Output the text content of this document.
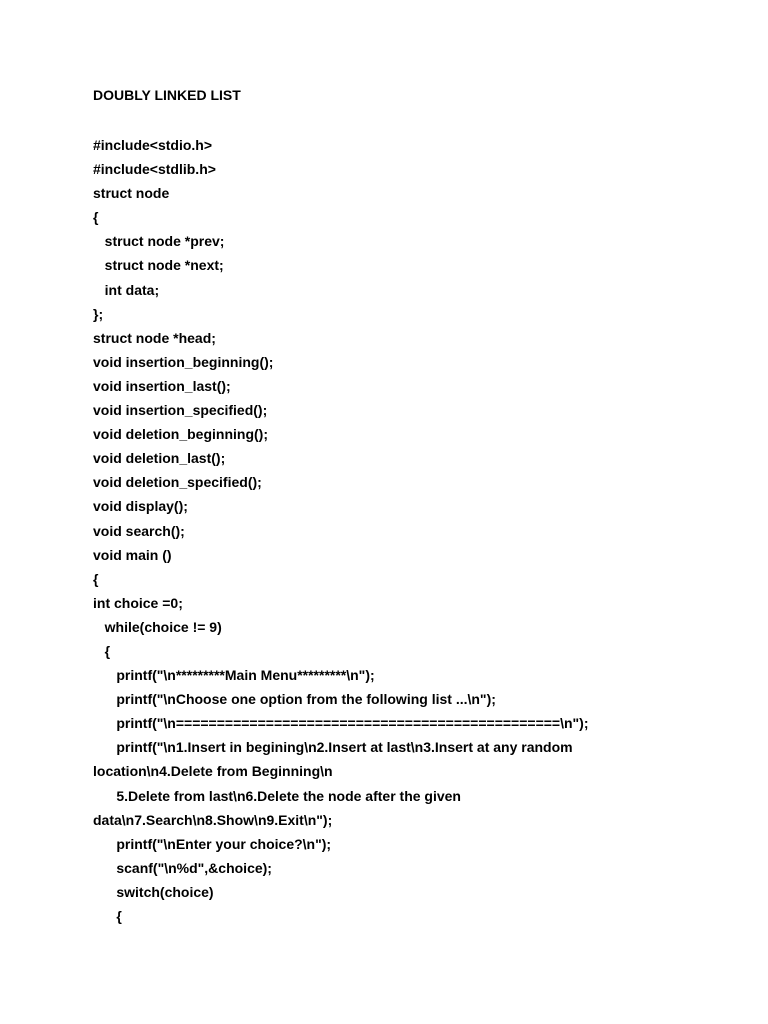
DOUBLY LINKED LIST
#include<stdio.h>
#include<stdlib.h>
struct node
{
struct node *prev;
struct node *next;
int data;
};
struct node *head;
void insertion_beginning();
void insertion_last();
void insertion_specified();
void deletion_beginning();
void deletion_last();
void deletion_specified();
void display();
void search();
void main ()
{
int choice =0;
while(choice != 9)
{
printf("\n*********Main Menu*********\n");
printf("\nChoose one option from the following list ...\n");
printf("\n===============================================\n");
printf("\n1.Insert in begining\n2.Insert at last\n3.Insert at any random
location\n4.Delete from Beginning\n
5.Delete from last\n6.Delete the node after the given
data\n7.Search\n8.Show\n9.Exit\n");
printf("\nEnter your choice?\n");
scanf("\n%d",&choice);
switch(choice)
{
